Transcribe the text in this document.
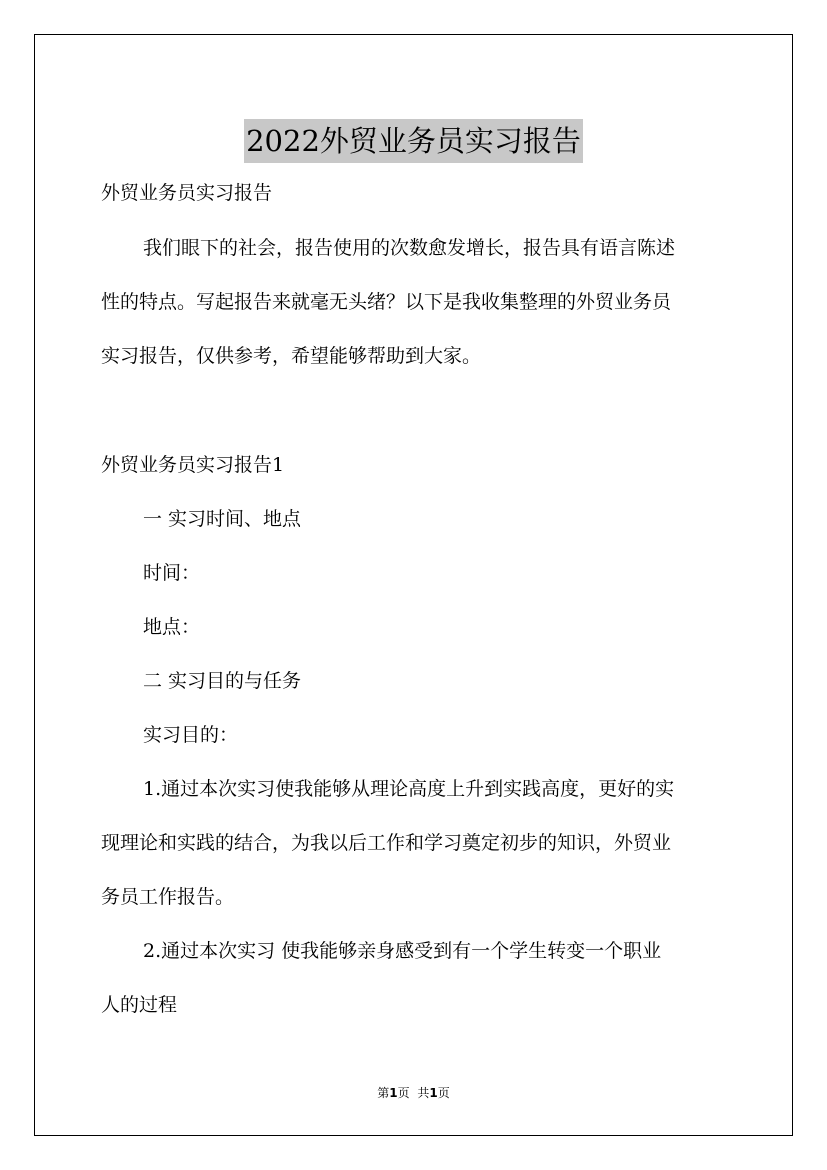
2022外贸业务员实习报告
外贸业务员实习报告
我们眼下的社会，报告使用的次数愈发增长，报告具有语言陈述
性的特点。写起报告来就毫无头绪？以下是我收集整理的外贸业务员
实习报告，仅供参考，希望能够帮助到大家。
外贸业务员实习报告1
一 实习时间、地点
时间：
地点：
二 实习目的与任务
实习目的：
1.通过本次实习使我能够从理论高度上升到实践高度，更好的实
现理论和实践的结合，为我以后工作和学习奠定初步的知识，外贸业
务员工作报告。
2.通过本次实习 使我能够亲身感受到有一个学生转变一个职业
人的过程
第1页 共1页
